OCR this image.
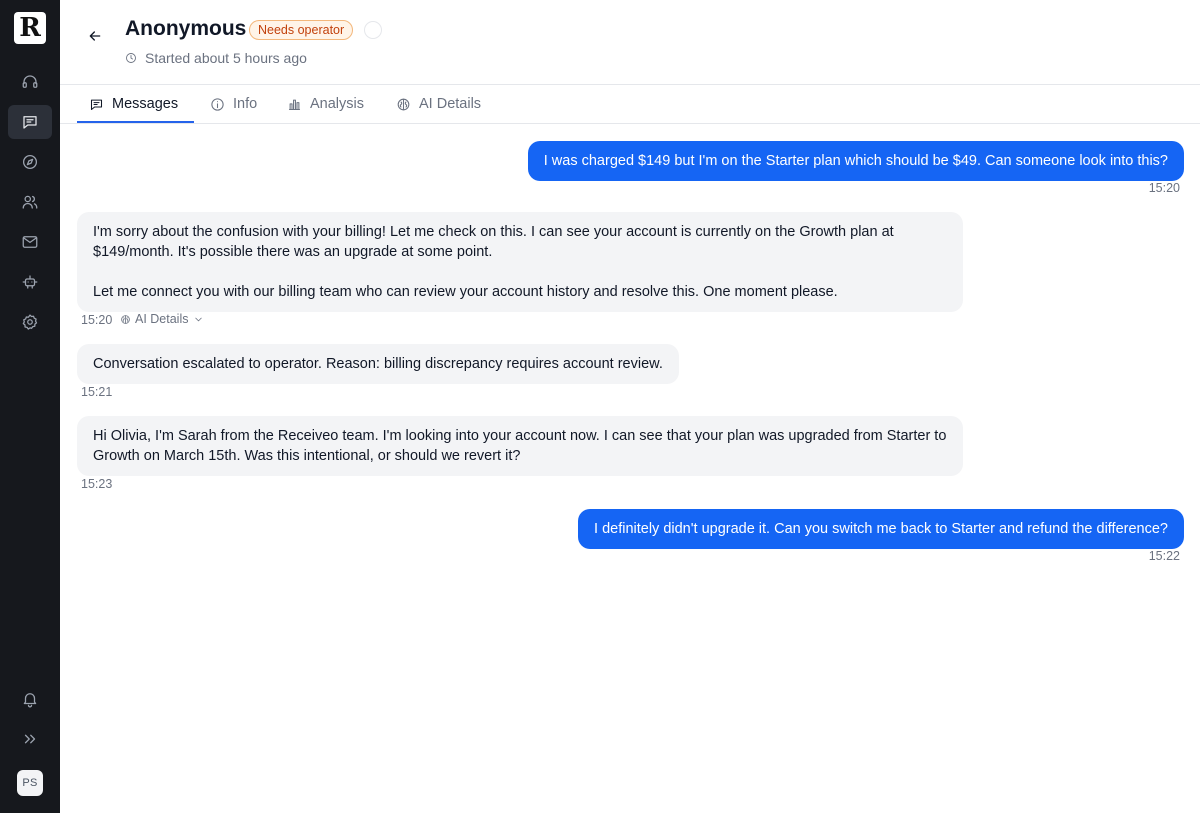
R
PS
Anonymous Needs operator
Started about 5 hours ago
Messages	Info	Analysis	AI Details
I was charged $149 but I'm on the Starter plan which should be $49. Can someone look into this?
15:20
I'm sorry about the confusion with your billing! Let me check on this. I can see your account is currently on the Growth plan at $149/month. It's possible there was an upgrade at some point.

Let me connect you with our billing team who can review your account history and resolve this. One moment please.
15:20 AI Details
Conversation escalated to operator. Reason: billing discrepancy requires account review.
15:21
Hi Olivia, I'm Sarah from the Receiveo team. I'm looking into your account now. I can see that your plan was upgraded from Starter to Growth on March 15th. Was this intentional, or should we revert it?
15:23
I definitely didn't upgrade it. Can you switch me back to Starter and refund the difference?
15:22
